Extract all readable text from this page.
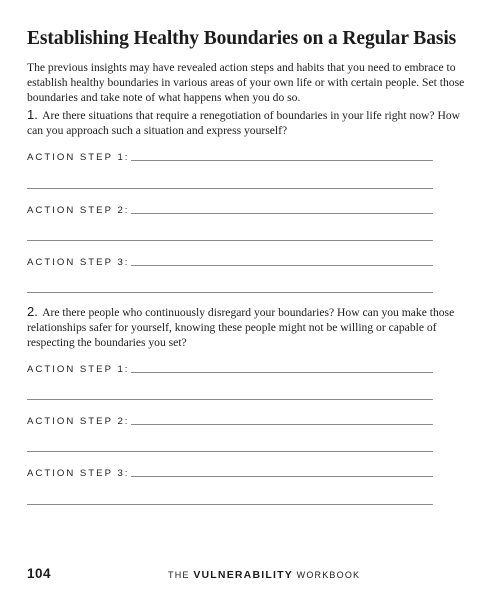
Establishing Healthy Boundaries on a Regular Basis
The previous insights may have revealed action steps and habits that you need to embrace to establish healthy boundaries in various areas of your own life or with certain people. Set those boundaries and take note of what happens when you do so.
1. Are there situations that require a renegotiation of boundaries in your life right now? How can you approach such a situation and express yourself?
ACTION STEP 1:
ACTION STEP 2:
ACTION STEP 3:
2. Are there people who continuously disregard your boundaries? How can you make those relationships safer for yourself, knowing these people might not be willing or capable of respecting the boundaries you set?
ACTION STEP 1:
ACTION STEP 2:
ACTION STEP 3:
104	THE VULNERABILITY WORKBOOK
